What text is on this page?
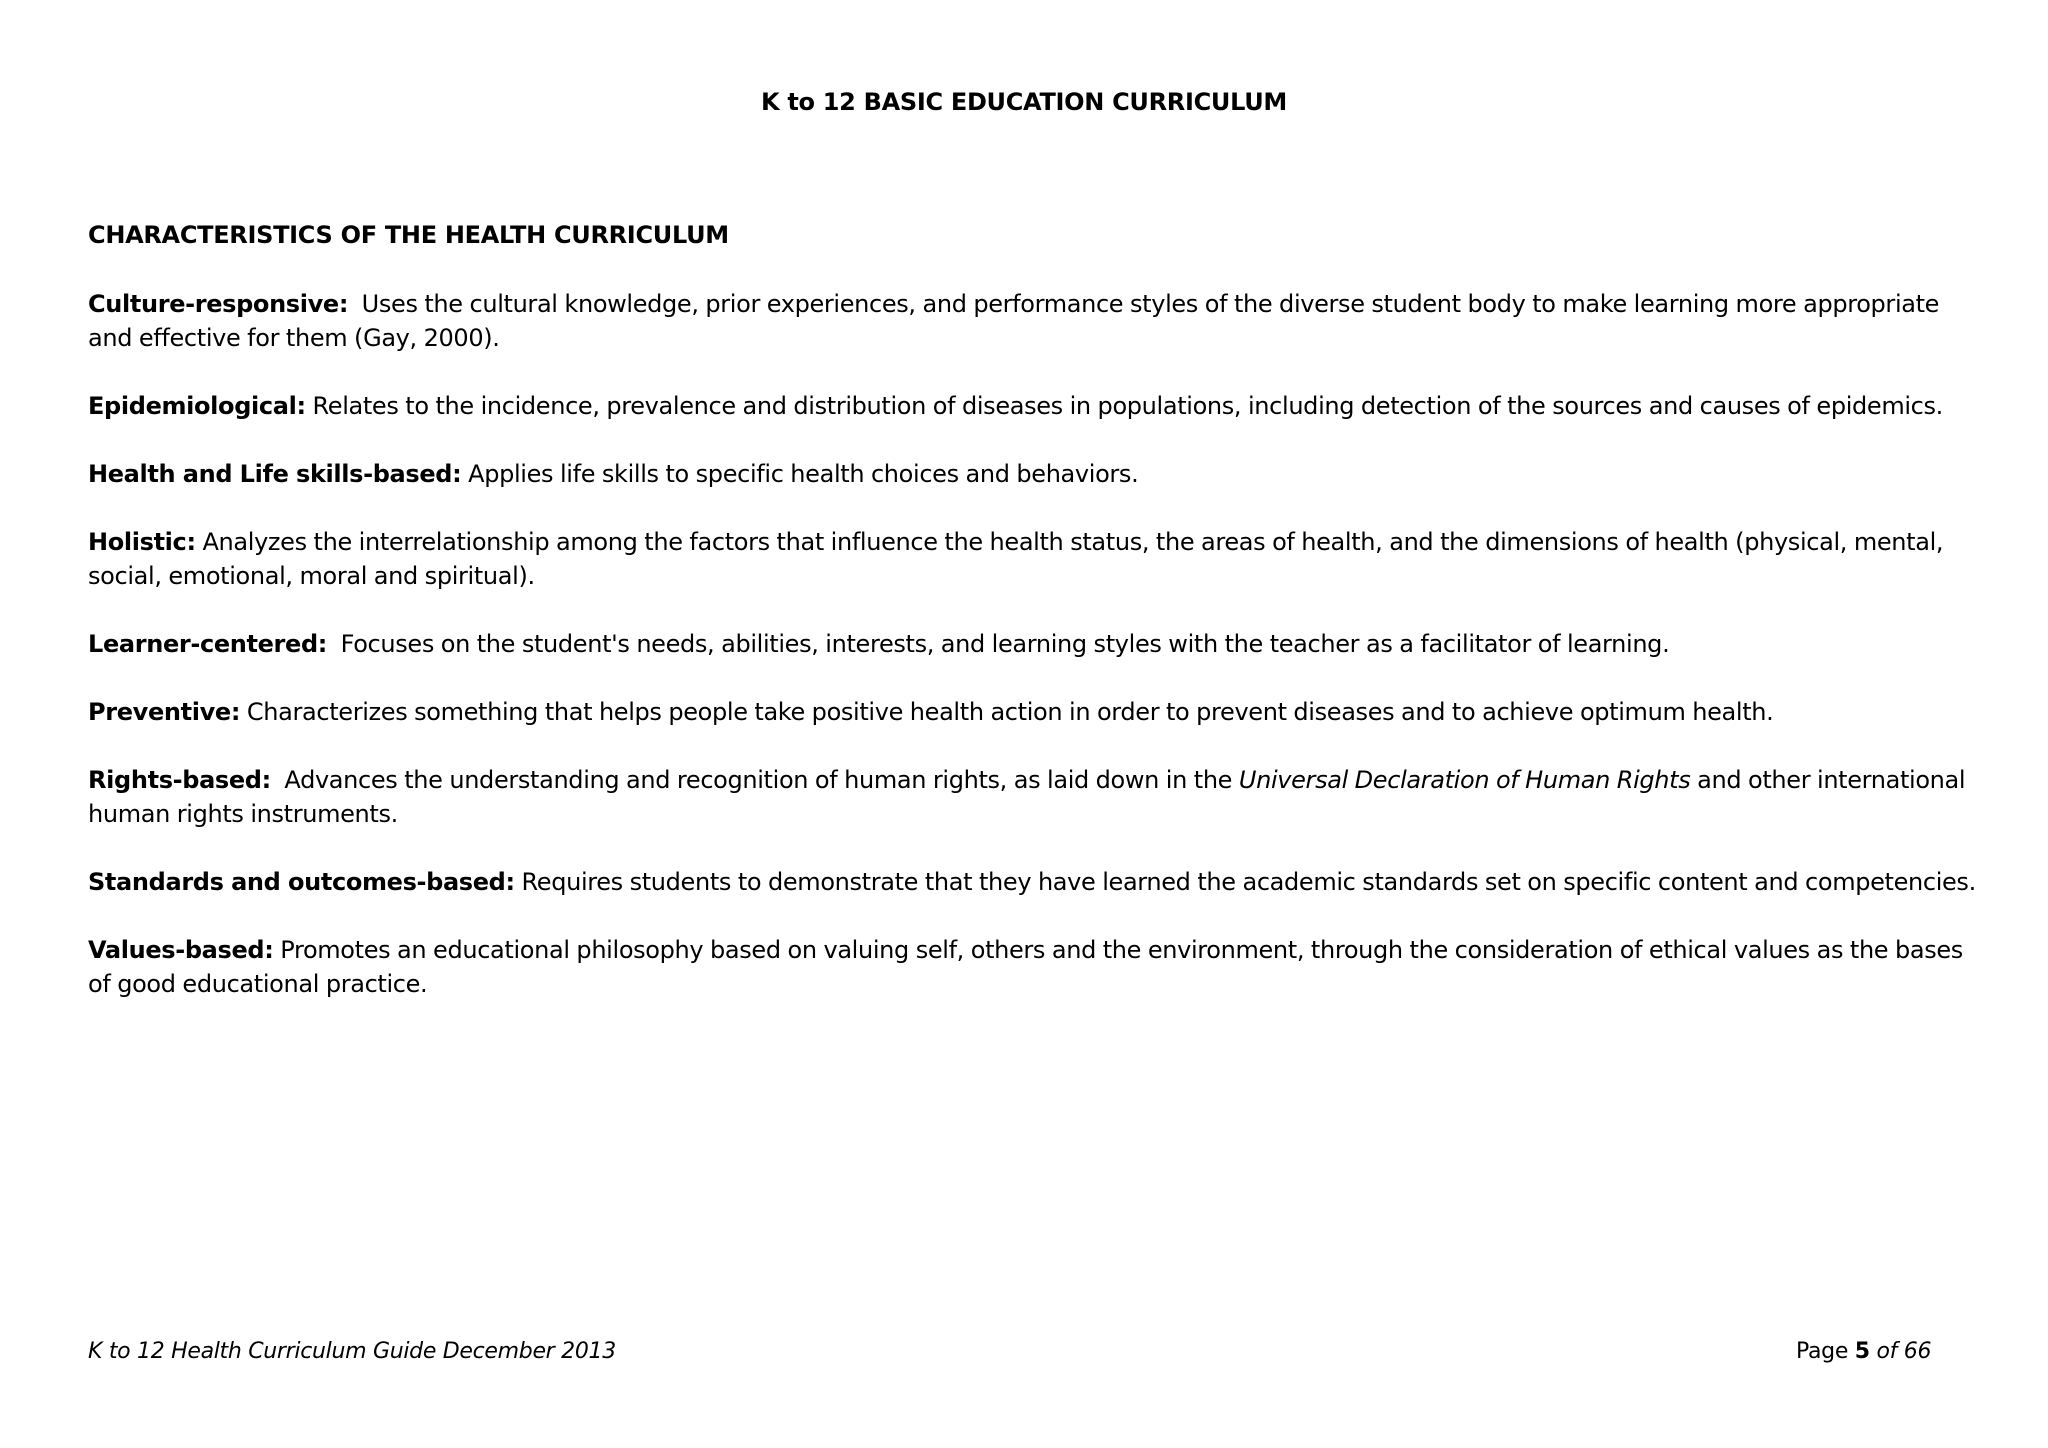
K to 12 BASIC EDUCATION CURRICULUM
CHARACTERISTICS OF THE HEALTH CURRICULUM
Culture-responsive: Uses the cultural knowledge, prior experiences, and performance styles of the diverse student body to make learning more appropriate and effective for them (Gay, 2000).
Epidemiological: Relates to the incidence, prevalence and distribution of diseases in populations, including detection of the sources and causes of epidemics.
Health and Life skills-based: Applies life skills to specific health choices and behaviors.
Holistic: Analyzes the interrelationship among the factors that influence the health status, the areas of health, and the dimensions of health (physical, mental, social, emotional, moral and spiritual).
Learner-centered: Focuses on the student's needs, abilities, interests, and learning styles with the teacher as a facilitator of learning.
Preventive: Characterizes something that helps people take positive health action in order to prevent diseases and to achieve optimum health.
Rights-based: Advances the understanding and recognition of human rights, as laid down in the Universal Declaration of Human Rights and other international human rights instruments.
Standards and outcomes-based: Requires students to demonstrate that they have learned the academic standards set on specific content and competencies.
Values-based: Promotes an educational philosophy based on valuing self, others and the environment, through the consideration of ethical values as the bases of good educational practice.
K to 12 Health Curriculum Guide December 2013	Page 5 of 66
